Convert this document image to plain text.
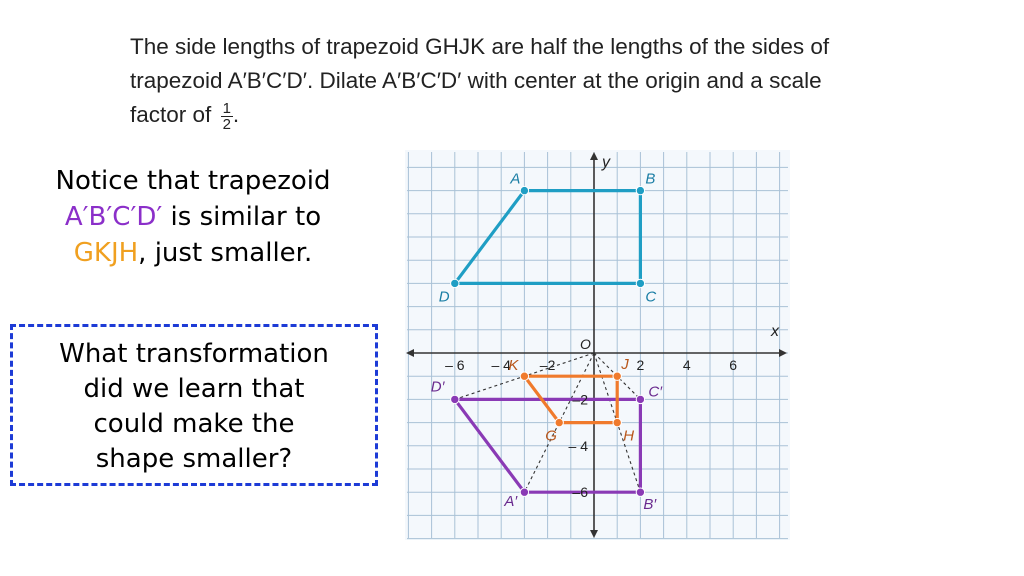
The side lengths of trapezoid GHJK are half the lengths of the sides of

trapezoid A′B′C′D′. Dilate A′B′C′D′ with center at the origin and a scale

factor of $\frac{1}{2}$ .

Notice that trapezoid
A′B′C′D′ is similar to
GKJH, just smaller.
What transformation
did we learn that
could make the
shape smaller?
x
y
– 6 – 4 –2	2	4	6
–2
– 4
–6
O
A	B
C
D
A′	B′
C′
D′
G	H
J
K
